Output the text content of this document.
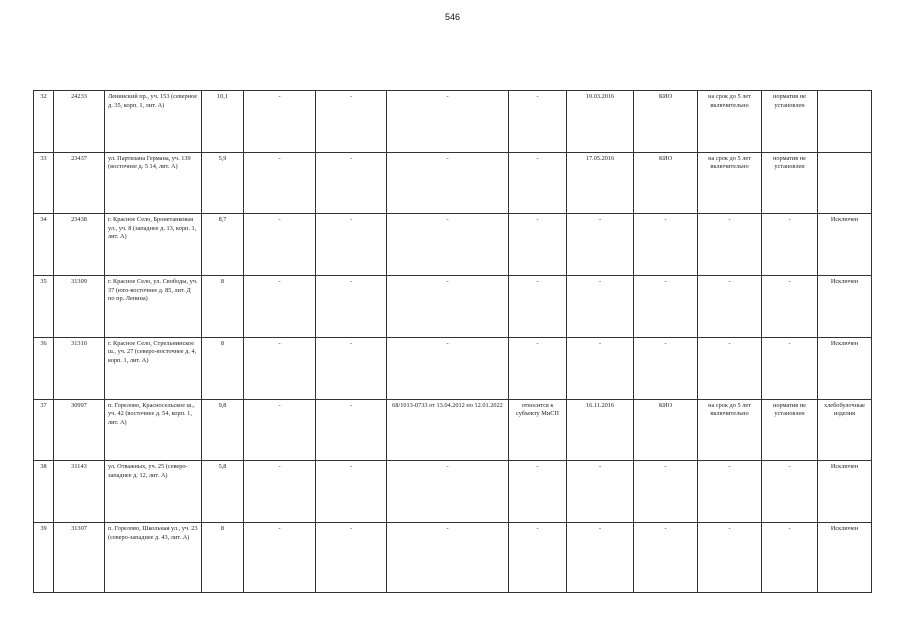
546
32	24233	Ленинский пр., уч. 153 (северное д. 35, корп. 1, лит. А)	10,1	-	-	-	-	10.03.2016	КИО	на срок до 5 лет включительно	норматив не установлен	
33	23437	ул. Партизана Германа, уч. 139 (восточнее д. 5 14, лит. А)	5,9	-	-	-	-	17.05.2016	КИО	на срок до 5 лет включительно	норматив не установлен	
34	23438	г. Красное Село, Бронетанковая ул., уч. 8 (западнее д. 13, корп. 1, лит. А)	8,7	-	-	-	-	-	-	-	-	Исключен
35	31309	г. Красное Село, ул. Свободы, уч. 37 (юго-восточнее д. 85, лит. Д по пр. Ленина)	8	-	-	-	-	-	-	-	-	Исключен
36	31310	г. Красное Село, Стрельнинское ш., уч. 27 (северо-восточнее д. 4, корп. 1, лит. А)	8	-	-	-	-	-	-	-	-	Исключен
37	30997	п. Горелово, Красносельское ш., уч. 42 (восточнее д. 54, корп. 1, лит. А)	9,8	-	-	68/1013-0733 от 13.04.2012 по 12.01.2022	относится к субъекту МиСП	16.11.2016	КИО	на срок до 5 лет включительно	норматив не установлен	хлебобулочные изделия
38	31143	ул. Отважных, уч. 25 (северо-западнее д. 12, лит. А)	5,8	-	-	-	-	-	-	-	-	Исключен
39	31307	п. Горелово, Школьная ул., уч. 23 (северо-западнее д. 43, лит. А)	8	-	-	-	-	-	-	-	-	Исключен
